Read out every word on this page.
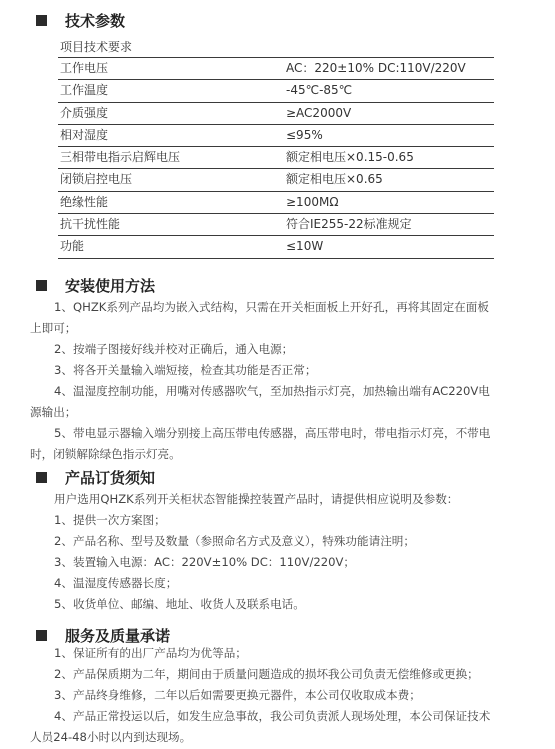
技术参数
项目技术要求
工作电压	AC：220±10% DC:110V/220V
工作温度	-45℃-85℃
介质强度	≥AC2000V
相对湿度	≤95%
三相带电指示启辉电压	额定相电压×0.15-0.65
闭锁启控电压	额定相电压×0.65
绝缘性能	≥100MΩ
抗干扰性能	符合IE255-22标准规定
功能	≤10W
安装使用方法

1、QHZK系列产品均为嵌入式结构，只需在开关柜面板上开好孔，再将其固定在面板上即可；

2、按端子图接好线并校对正确后，通入电源；

3、将各开关量输入端短接，检查其功能是否正常；

4、温湿度控制功能，用嘴对传感器吹气，至加热指示灯亮，加热输出端有AC220V电源输出；

5、带电显示器输入端分别接上高压带电传感器，高压带电时，带电指示灯亮，不带电时，闭锁解除绿色指示灯亮。

产品订货须知

用户选用QHZK系列开关柜状态智能操控装置产品时，请提供相应说明及参数：

1、提供一次方案图；

2、产品名称、型号及数量（参照命名方式及意义），特殊功能请注明；

3、装置输入电源：AC：220V±10% DC：110V/220V；

4、温湿度传感器长度；

5、收货单位、邮编、地址、收货人及联系电话。

服务及质量承诺

1、保证所有的出厂产品均为优等品；

2、产品保质期为二年，期间由于质量问题造成的损坏我公司负责无偿维修或更换；

3、产品终身维修，二年以后如需要更换元器件，本公司仅收取成本费；

4、产品正常投运以后，如发生应急事故，我公司负责派人现场处理，本公司保证技术人员24-48小时以内到达现场。
